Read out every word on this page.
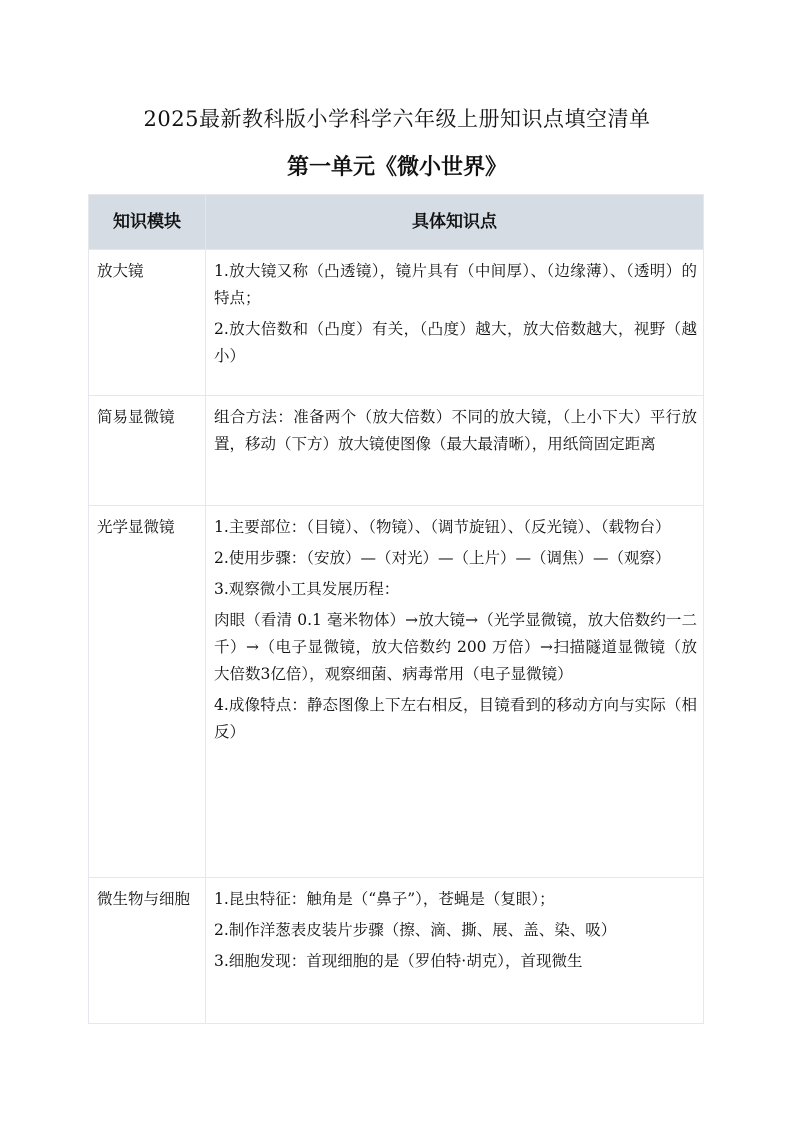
2025最新教科版小学科学六年级上册知识点填空清单
第一单元《微小世界》
知识模块	具体知识点
放大镜	1.放大镜又称（凸透镜），镜片具有（中间厚）、（边缘薄）、（透明）的特点；

2.放大倍数和（凸度）有关，（凸度）越大，放大倍数越大，视野（越小）

简易显微镜	组合方法：准备两个（放大倍数）不同的放大镜，（上小下大）平行放置，移动（下方）放大镜使图像（最大最清晰），用纸筒固定距离

光学显微镜	1.主要部位：（目镜）、（物镜）、（调节旋钮）、（反光镜）、（载物台）

2.使用步骤：（安放）—（对光）—（上片）—（调焦）—（观察）

3.观察微小工具发展历程：

肉眼（看清 0.1 毫米物体）→放大镜→（光学显微镜，放大倍数约一二千）→（电子显微镜，放大倍数约 200 万倍）→扫描隧道显微镜（放大倍数3亿倍），观察细菌、病毒常用（电子显微镜）

4.成像特点：静态图像上下左右相反，目镜看到的移动方向与实际（相反）

微生物与细胞	1.昆虫特征：触角是（“鼻子”），苍蝇是（复眼）；

2.制作洋葱表皮装片步骤（擦、滴、撕、展、盖、染、吸）

3.细胞发现：首现细胞的是（罗伯特·胡克），首现微生
